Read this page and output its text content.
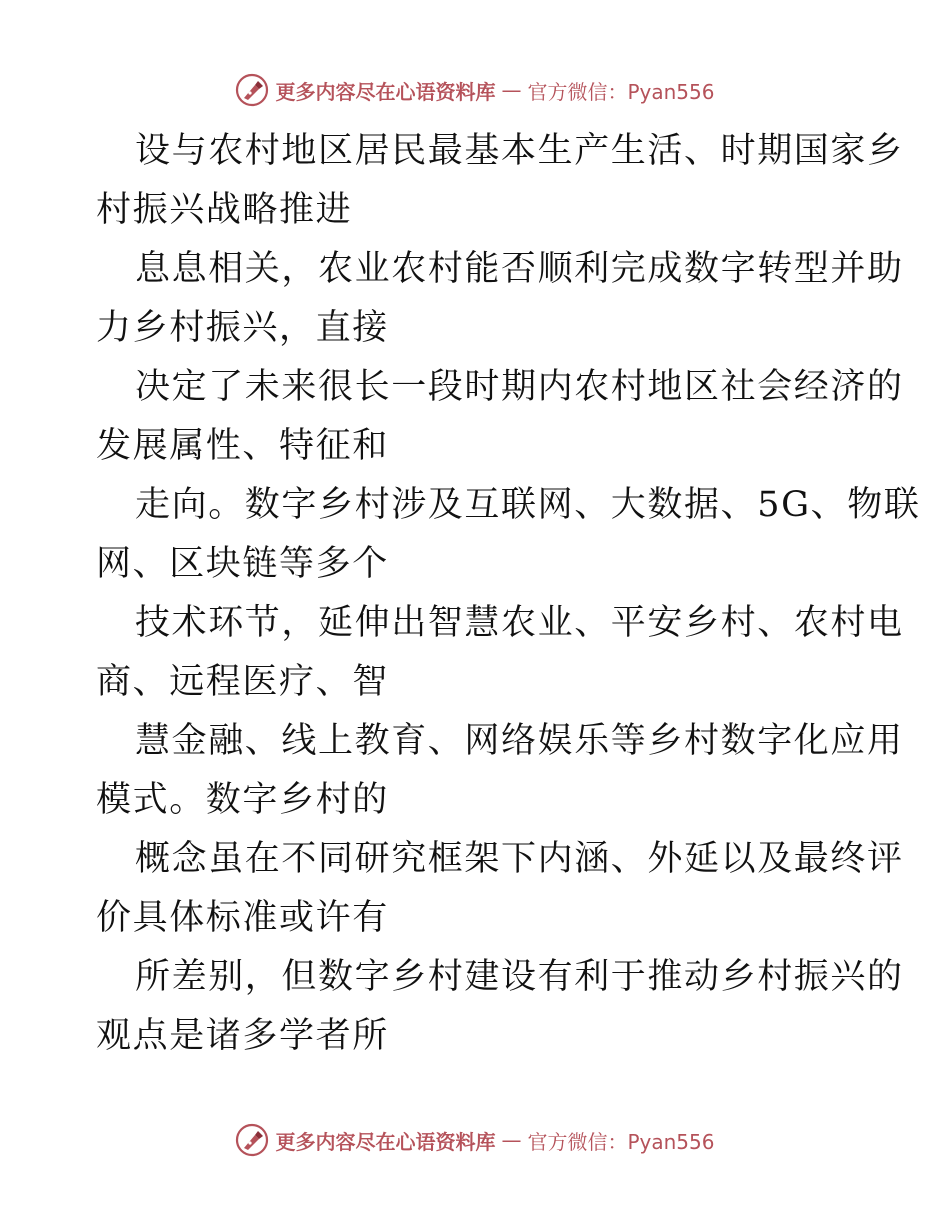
更多内容尽在心语资料库 — 官方微信：Pyan556
设与农村地区居民最基本生产生活、时期国家乡
村振兴战略推进
息息相关，农业农村能否顺利完成数字转型并助
力乡村振兴，直接
决定了未来很长一段时期内农村地区社会经济的
发展属性、特征和
走向。数字乡村涉及互联网、大数据、5G、物联
网、区块链等多个
技术环节，延伸出智慧农业、平安乡村、农村电
商、远程医疗、智
慧金融、线上教育、网络娱乐等乡村数字化应用
模式。数字乡村的
概念虽在不同研究框架下内涵、外延以及最终评
价具体标准或许有
所差别，但数字乡村建设有利于推动乡村振兴的
观点是诸多学者所
更多内容尽在心语资料库 — 官方微信：Pyan556
